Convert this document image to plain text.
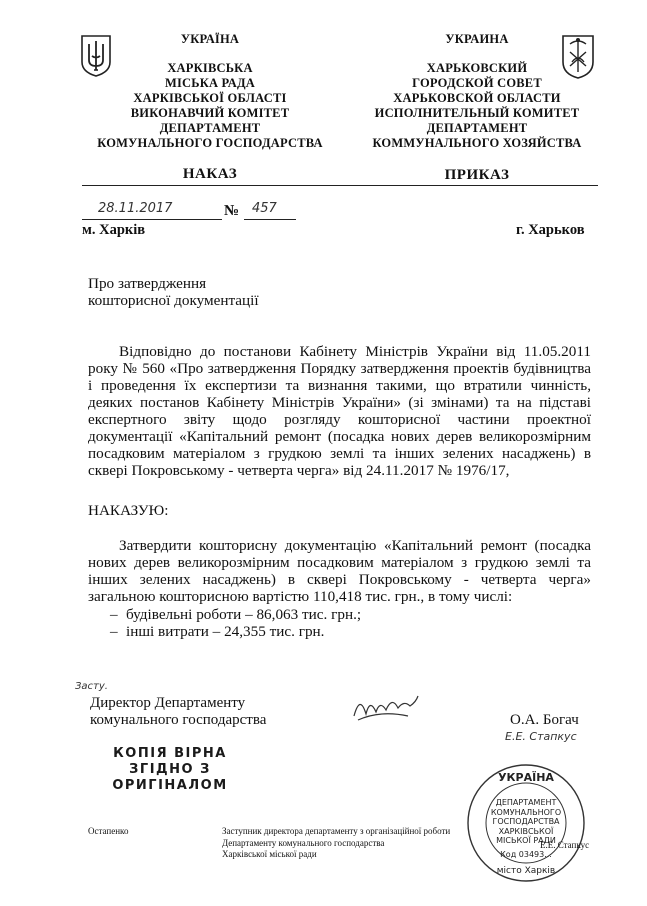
УКРАЇНА
ХАРКІВСЬКА
МІСЬКА РАДА
ХАРКІВСЬКОЇ ОБЛАСТІ
ВИКОНАВЧИЙ КОМІТЕТ
ДЕПАРТАМЕНТ
КОМУНАЛЬНОГО ГОСПОДАРСТВА
УКРАИНА
ХАРЬКОВСКИЙ
ГОРОДСКОЙ СОВЕТ
ХАРЬКОВСКОЙ ОБЛАСТИ
ИСПОЛНИТЕЛЬНЫЙ КОМИТЕТ
ДЕПАРТАМЕНТ
КОММУНАЛЬНОГО ХОЗЯЙСТВА
НАКАЗ	ПРИКАЗ
28.11.2017	№ 457
м. Харків	г. Харьков
Про затвердження
кошторисної документації
Відповідно до постанови Кабінету Міністрів України від 11.05.2011 року № 560 «Про затвердження Порядку затвердження проектів будівництва і проведення їх експертизи та визнання такими, що втратили чинність, деяких постанов Кабінету Міністрів України» (зі змінами) та на підставі експертного звіту щодо розгляду кошторисної частини проектної документації «Капітальний ремонт (посадка нових дерев великорозмірним посадковим матеріалом з грудкою землі та інших зелених насаджень) в сквері Покровському - четверта черга» від 24.11.2017 № 1976/17,
НАКАЗУЮ:
Затвердити кошторисну документацію «Капітальний ремонт (посадка нових дерев великорозмірним посадковим матеріалом з грудкою землі та інших зелених насаджень) в сквері Покровському - четверта черга» загальною кошторисною вартістю 110,418 тис. грн., в тому числі:
– будівельні роботи – 86,063 тис. грн.;
– інші витрати – 24,355 тис. грн.
Засту.
Директор Департаменту
комунального господарства	О.А. Богач
Е.Е. Стапкус
КОПІЯ ВІРНА
ЗГІДНО З
ОРИГІНАЛОМ
УКРАЇНА
ДЕПАРТАМЕНТ
КОМУНАЛЬНОГО
ГОСПОДАРСТВА
ХАРКІВСЬКОЇ
МІСЬКОЇ РАДИ
Код 03493...
місто Харків
Остапенко	Заступник директора департаменту з організаційної роботи
Департаменту комунального господарства
Харківської міської ради
Е.Е. Стапкус
